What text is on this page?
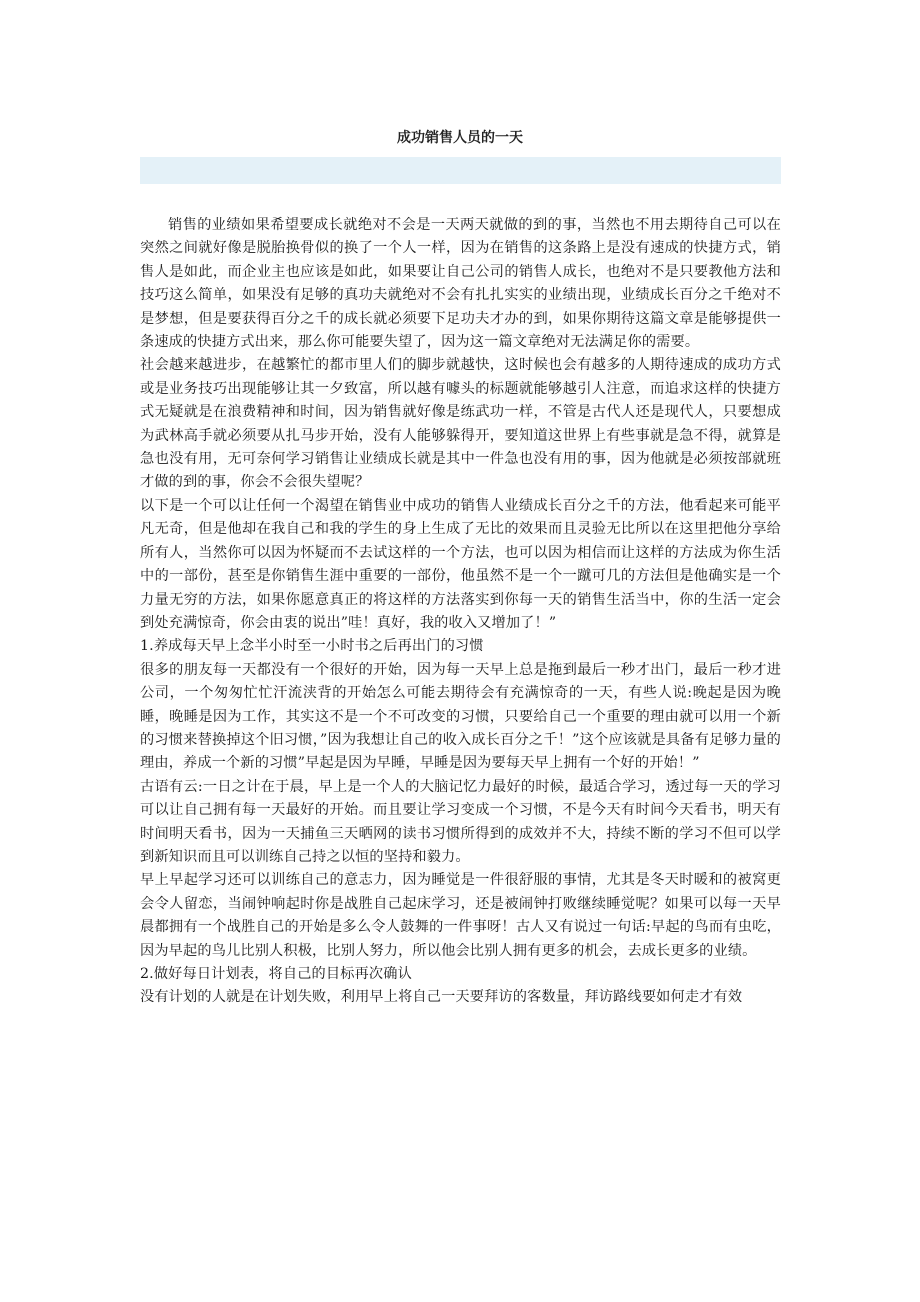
成功销售人员的一天

销售的业绩如果希望要成长就绝对不会是一天两天就做的到的事，当然也不用去期待自己可以在突然之间就好像是脱胎换骨似的换了一个人一样，因为在销售的这条路上是没有速成的快捷方式，销售人是如此，而企业主也应该是如此，如果要让自己公司的销售人成长，也绝对不是只要教他方法和技巧这么简单，如果没有足够的真功夫就绝对不会有扎扎实实的业绩出现，业绩成长百分之千绝对不是梦想，但是要获得百分之千的成长就必须要下足功夫才办的到，如果你期待这篇文章是能够提供一条速成的快捷方式出来，那么你可能要失望了，因为这一篇文章绝对无法满足你的需要。

社会越来越进步，在越繁忙的都市里人们的脚步就越快，这时候也会有越多的人期待速成的成功方式或是业务技巧出现能够让其一夕致富，所以越有噱头的标题就能够越引人注意，而追求这样的快捷方式无疑就是在浪费精神和时间，因为销售就好像是练武功一样，不管是古代人还是现代人，只要想成为武林高手就必须要从扎马步开始，没有人能够躲得开，要知道这世界上有些事就是急不得，就算是急也没有用，无可奈何学习销售让业绩成长就是其中一件急也没有用的事，因为他就是必须按部就班才做的到的事，你会不会很失望呢？

以下是一个可以让任何一个渴望在销售业中成功的销售人业绩成长百分之千的方法，他看起来可能平凡无奇，但是他却在我自己和我的学生的身上生成了无比的效果而且灵验无比所以在这里把他分享给所有人，当然你可以因为怀疑而不去试这样的一个方法，也可以因为相信而让这样的方法成为你生活中的一部份，甚至是你销售生涯中重要的一部份，他虽然不是一个一蹴可几的方法但是他确实是一个力量无穷的方法，如果你愿意真正的将这样的方法落实到你每一天的销售生活当中，你的生活一定会到处充满惊奇，你会由衷的说出”哇！真好，我的收入又增加了！”

1.养成每天早上念半小时至一小时书之后再出门的习惯

很多的朋友每一天都没有一个很好的开始，因为每一天早上总是拖到最后一秒才出门，最后一秒才进公司，一个匆匆忙忙汗流浃背的开始怎么可能去期待会有充满惊奇的一天，有些人说:晚起是因为晚睡，晚睡是因为工作，其实这不是一个不可改变的习惯，只要给自己一个重要的理由就可以用一个新的习惯来替换掉这个旧习惯，”因为我想让自己的收入成长百分之千！”这个应该就是具备有足够力量的理由，养成一个新的习惯”早起是因为早睡，早睡是因为要每天早上拥有一个好的开始！”

古语有云:一日之计在于晨，早上是一个人的大脑记忆力最好的时候，最适合学习，透过每一天的学习可以让自己拥有每一天最好的开始。而且要让学习变成一个习惯，不是今天有时间今天看书，明天有时间明天看书，因为一天捕鱼三天晒网的读书习惯所得到的成效并不大，持续不断的学习不但可以学到新知识而且可以训练自己持之以恒的坚持和毅力。

早上早起学习还可以训练自己的意志力，因为睡觉是一件很舒服的事情，尤其是冬天时暖和的被窝更会令人留恋，当闹钟响起时你是战胜自己起床学习，还是被闹钟打败继续睡觉呢？如果可以每一天早晨都拥有一个战胜自己的开始是多么令人鼓舞的一件事呀！古人又有说过一句话:早起的鸟而有虫吃，因为早起的鸟儿比别人积极，比别人努力，所以他会比别人拥有更多的机会，去成长更多的业绩。

2.做好每日计划表，将自己的目标再次确认

没有计划的人就是在计划失败，利用早上将自己一天要拜访的客数量，拜访路线要如何走才有效
